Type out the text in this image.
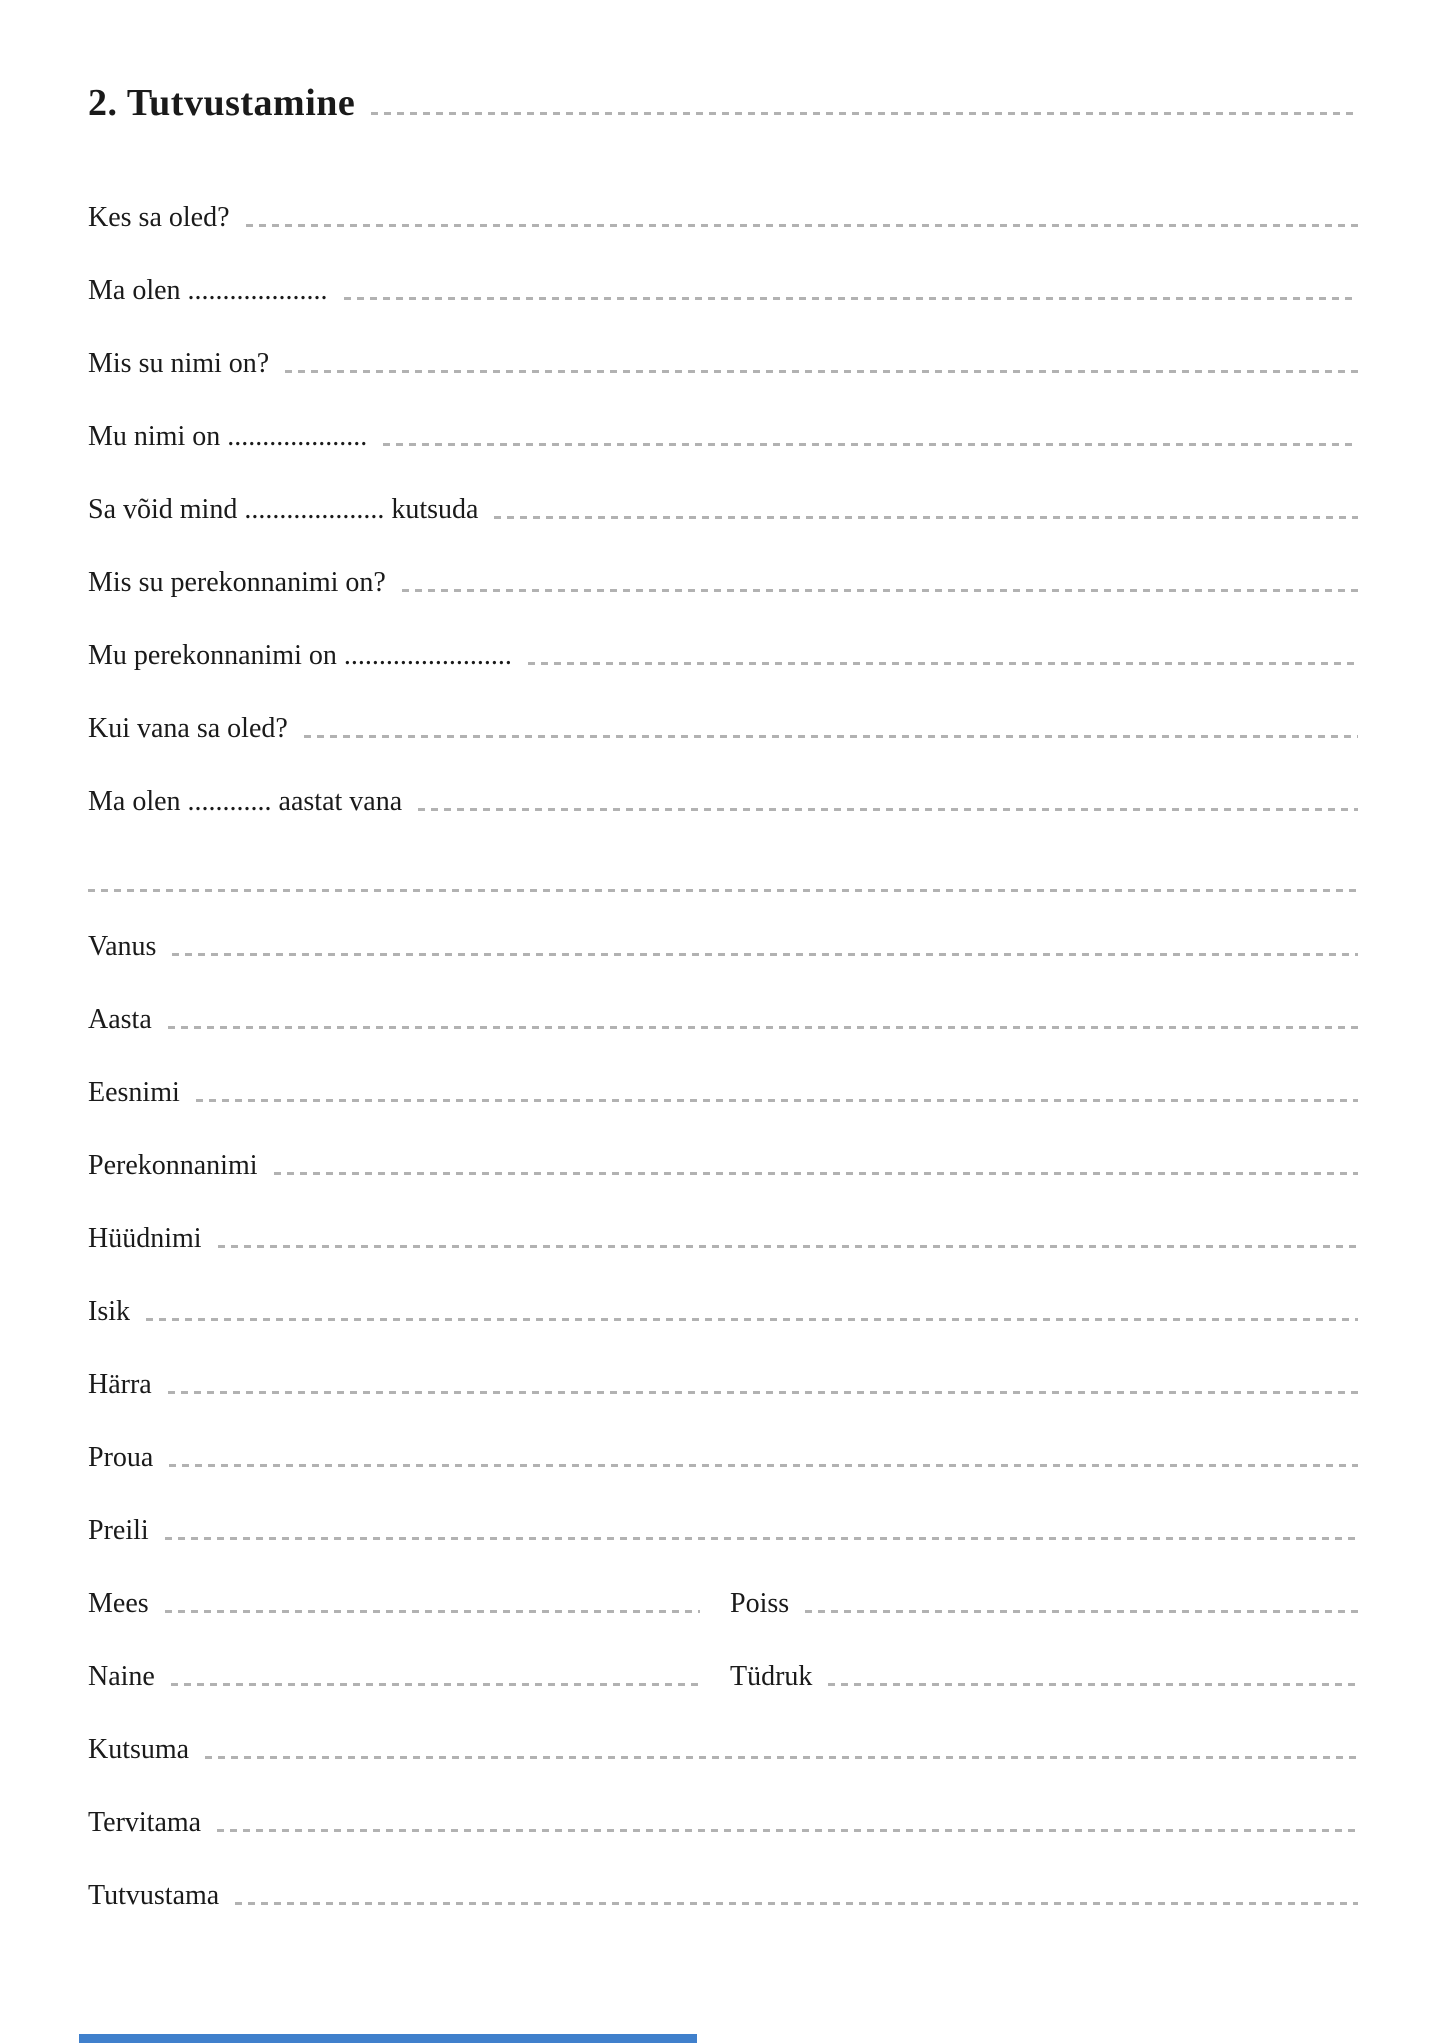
2. Tutvustamine
Kes sa oled?
Ma olen ....................
Mis su nimi on?
Mu nimi on ....................
Sa võid mind .................... kutsuda
Mis su perekonnanimi on?
Mu perekonnanimi on ........................
Kui vana sa oled?
Ma olen ............ aastat vana
Vanus
Aasta
Eesnimi
Perekonnanimi
Hüüdnimi
Isik
Härra
Proua
Preili
Mees	Poiss
Naine	Tüdruk
Kutsuma
Tervitama
Tutvustama
